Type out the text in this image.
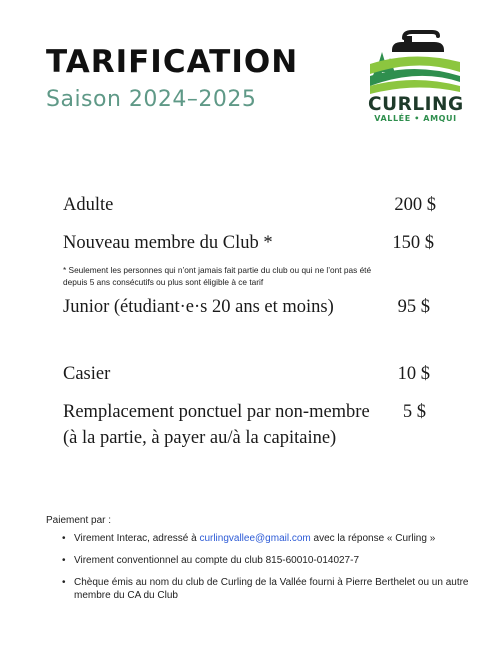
TARIFICATION
Saison 2024–2025	CURLING
VALLÉE • AMQUI
Adulte	200 $
Nouveau membre du Club *	150 $
* Seulement les personnes qui n’ont jamais fait partie du club ou qui ne l’ont pas été depuis 5 ans consécutifs ou plus sont éligible à ce tarif
Junior (étudiant·e·s 20 ans et moins)	95 $
Casier	10 $
Remplacement ponctuel par non-membre
(à la partie, à payer au/à la capitaine)
5 $
Paiement par :
• Virement Interac, adressé à curlingvallee@gmail.com avec la réponse « Curling »
• Virement conventionnel au compte du club 815-60010-014027-7
• Chèque émis au nom du club de Curling de la Vallée fourni à Pierre Berthelet ou un autre membre du CA du Club
